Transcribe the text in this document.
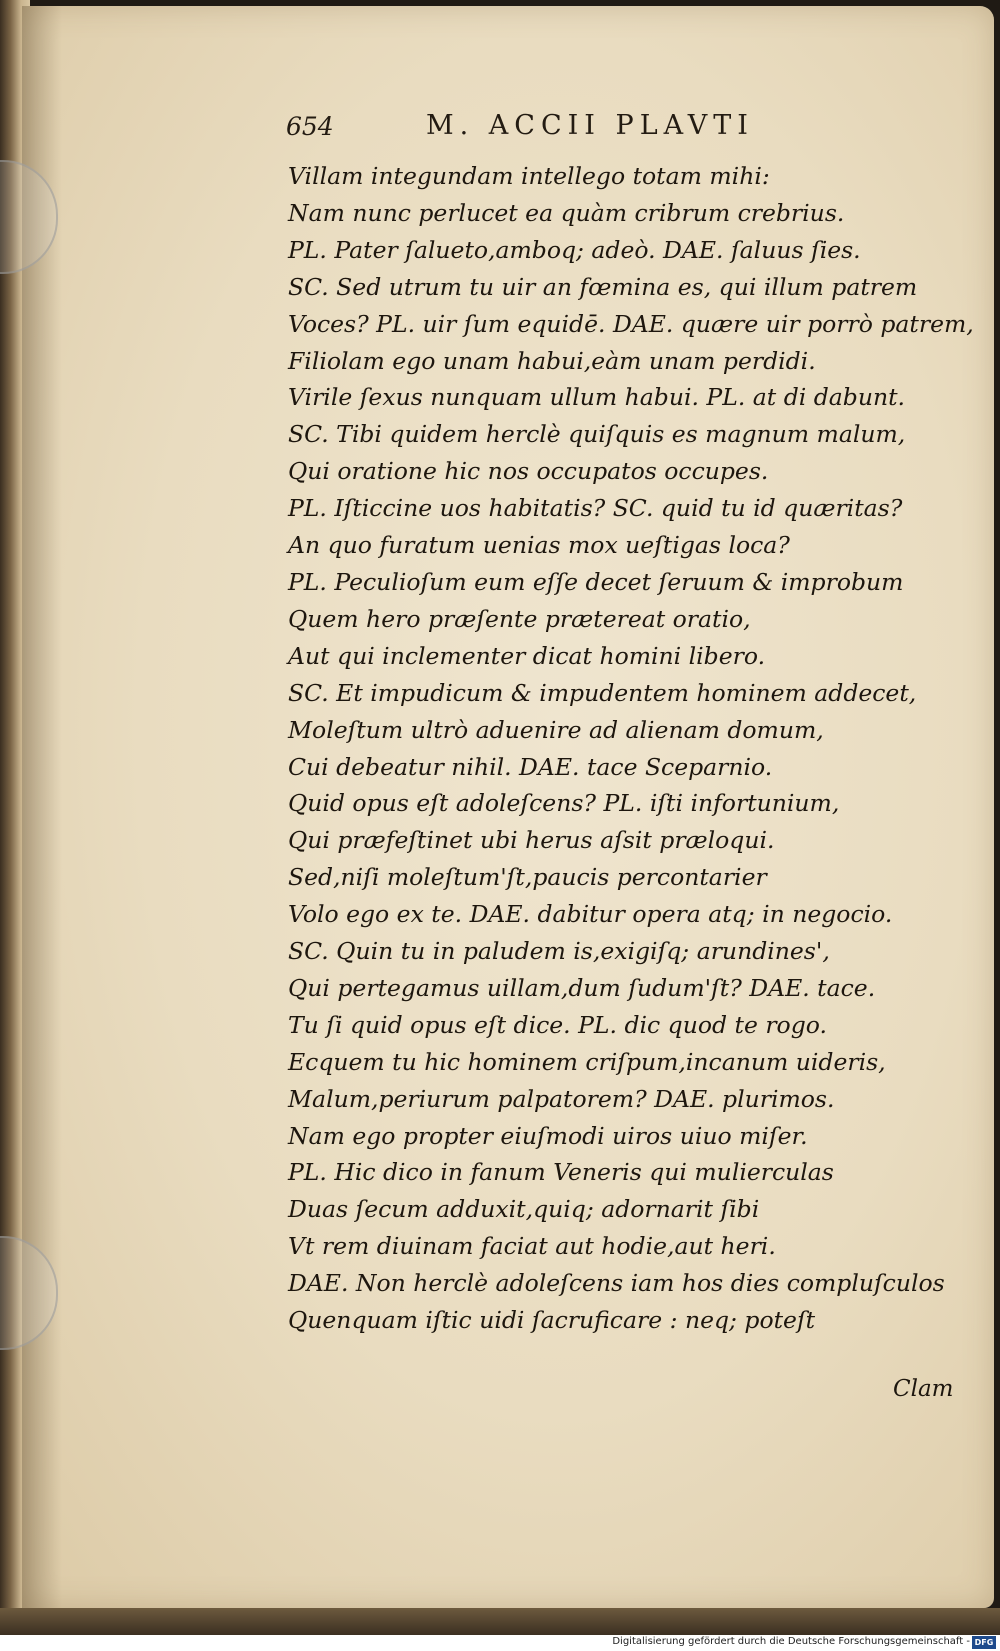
654	M. ACCII PLAVTI
Villam integundam intellego totam mihi:
Nam nunc perlucet ea quàm cribrum crebrius.
PL. Pater ſalueto,amboq; adeò. DAE. ſaluus ſies.
SC. Sed utrum tu uir an fœmina es, qui illum patrem
Voces? PL. uir ſum equidē. DAE. quære uir porrò patrem,
Filiolam ego unam habui,eàm unam perdidi.
Virile ſexus nunquam ullum habui. PL. at di dabunt.
SC. Tibi quidem herclè quiſquis es magnum malum,
Qui oratione hic nos occupatos occupes.
PL. Iſticcine uos habitatis? SC. quid tu id quæritas?
An quo furatum uenias mox ueſtigas loca?
PL. Peculioſum eum eſſe decet ſeruum & improbum
Quem hero præſente prætereat oratio,
Aut qui inclementer dicat homini libero.
SC. Et impudicum & impudentem hominem addecet,
Moleſtum ultrò aduenire ad alienam domum,
Cui debeatur nihil. DAE. tace Sceparnio.
Quid opus eſt adoleſcens? PL. iſti infortunium,
Qui præfeſtinet ubi herus aſsit præloqui.
Sed,niſi moleſtum'ſt,paucis percontarier
Volo ego ex te. DAE. dabitur opera atq; in negocio.
SC. Quin tu in paludem is,exigiſq; arundines',
Qui pertegamus uillam,dum ſudum'ſt? DAE. tace.
Tu ſi quid opus eſt dice. PL. dic quod te rogo.
Ecquem tu hic hominem criſpum,incanum uideris,
Malum,periurum palpatorem? DAE. plurimos.
Nam ego propter eiuſmodi uiros uiuo miſer.
PL. Hic dico in fanum Veneris qui mulierculas
Duas ſecum adduxit,quiq; adornarit ſibi
Vt rem diuinam faciat aut hodie,aut heri.
DAE. Non herclè adoleſcens iam hos dies compluſculos
Quenquam iſtic uidi ſacruficare : neq; poteſt
Clam
Digitalisierung gefördert durch die Deutsche Forschungsgemeinschaft - DFG
